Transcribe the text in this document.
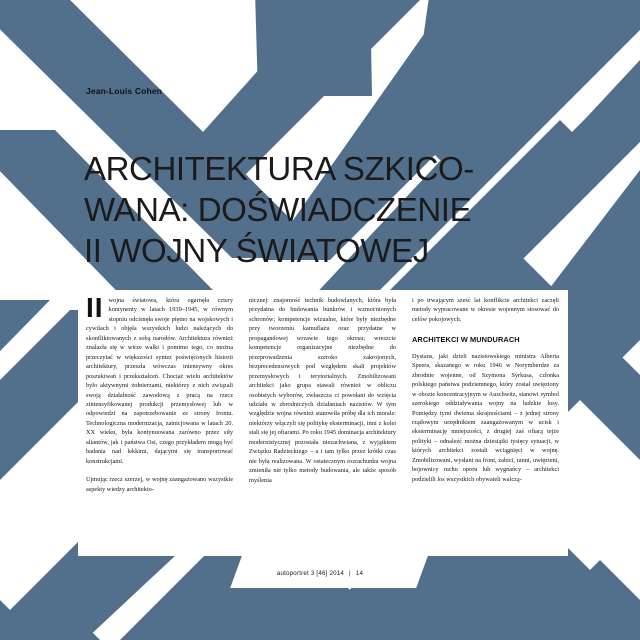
Jean-Louis Cohen
ARCHITEKTURA SZKICO-
WANA: DOŚWIADCZENIE
II WOJNY ŚWIATOWEJ

II wojna światowa, która ogarnęła cztery kontynenty w latach 1939–1945, w równym stopniu odcisnęła swoje piętno na wojskowych i cywilach i objęła wszystkich ludzi należących do skonfliktowanych z sobą narodów. Architektura również znalazła się w wirze walki i pomimo tego, co można przeczytać w większości syntez poświęconych historii architektury, przeszła wówczas intensywny okres poszukiwań i przekształceń. Chociaż wielu architektów było aktywnymi żołnierzami, niektórzy z nich związali swoją działalność zawodową z pracą na rzecz zintensyfikowanej produkcji przemysłowej lub w odpowiedzi na zapotrzebowanie ze strony frontu. Technologiczna modernizacja, zainicjowana w latach 20. XX wieku, była kontynuowana zarówno przez siły aliantów, jak i państwa Osi, czego przykładem mogą być badania nad lekkimi, dającymi się transportować konstrukcjami.

Ujmując rzecz szerzej, w wojnę zaangażowano wszystkie aspekty wiedzy architekto-

nicznej: znajomość technik budowlanych, która była przydatna do budowania bunkrów i wzmocnionych schronów; kompetencje wizualne, które były niezbędne przy tworzeniu kamuflażu oraz przydatne w propagandowej wrzawie tego okresu; wreszcie kompetencje organizacyjne niezbędne do przeprowadzenia szeroko zakrojonych, bezprecedensowych pod względem skali projektów przemysłowych i terytorialnych. Zmobilizowani architekci jako grupa stawali również w obliczu osobistych wyborów, zwłaszcza ci powołani do wzięcia udziału w zbrodniczych działaniach nazistów. W tym względzie wojna również stanowiła próbę dla ich morale: niektórzy włączyli się politykę eksterminacji, inni z kolei stali się jej ofiarami. Po roku 1945 dominacja architektury modernistycznej pozostała niezachwiana, z wyjątkiem Związku Radzieckiego – a i tam tylko przez krótki czas nie była realizowana. W ostatecznym rozrachunku wojna zmieniła nie tylko metody budowania, ale także sposób myślenia

i po trwającym sześć lat konflikcie architekci zaczęli metody wypracowane w okresie wojennym stosować do celów pokojowych.

ARCHITEKCI W MUNDURACH

Dystans, jaki dzieli nazistowskiego ministra Alberta Speera, skazanego w roku 1946 w Norymberdze za zbrodnie wojenne, od Szymona Syrkusa, członka polskiego państwa podziemnego, który został uwięziony w obozie koncentracyjnym w Auschwitz, stanowi symbol szerokiego oddziaływania wojny na ludzkie losy. Pomiędzy tymi dwiema skrajnościami – z jednej strony rządowym urzędnikiem zaangażowanym w ucisk i eksterminację mniejszości, z drugiej zaś ofiarą tejże polityki – odnaleźć można dziesiątki tysięcy sytuacji, w których architekci zostali wciągnięci w wojnę. Zmobilizowani, wysłani na front, zabici, ranni, uwięzieni, bojownicy ruchu oporu lub wygnańcy – architekci podzielili los wszystkich obywateli walczą-

autoportret 3 [46] 2014 | 14
